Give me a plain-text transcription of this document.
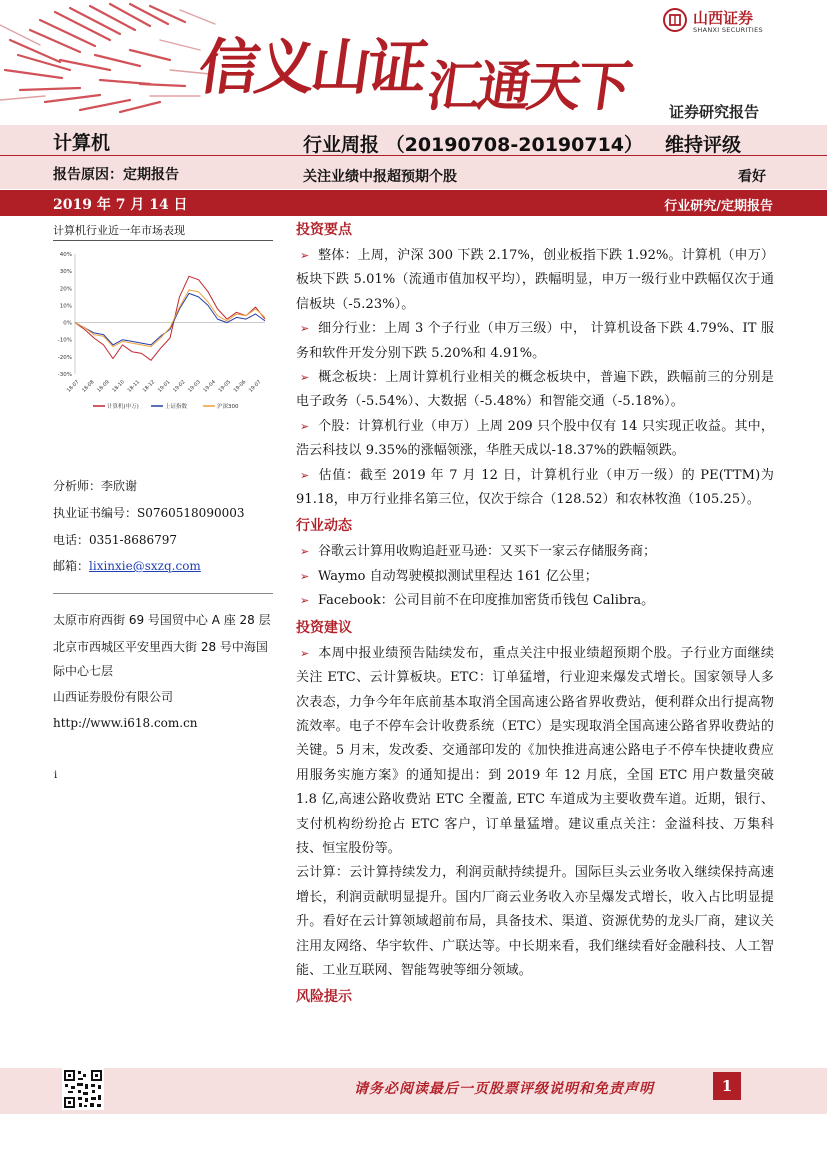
信义山证
汇通天下
山西证券
SHANXI SECURITIES
证券研究报告
计算机	行业周报 （20190708-20190714） 维持评级
报告原因：定期报告	关注业绩中报超预期个股	看好
2019 年 7 月 14 日	行业研究/定期报告
计算机行业近一年市场表现
40%
30%
20%
10%
0%
-10%
-20%
-30%
18-07 18-08 18-09 18-10 18-11 18-12 19-01 19-02 19-03 19-04 19-05 19-06 19-07
计算机(申万)	上证指数	沪深300
分析师：李欣谢
执业证书编号：S0760518090003
电话：0351-8686797
邮箱：lixinxie@sxzq.com
太原市府西街 69 号国贸中心 A 座 28 层
北京市西城区平安里西大街 28 号中海国
际中心七层
山西证券股份有限公司
http://www.i618.com.cn
i
投资要点

➢ 整体：上周，沪深 300 下跌 2.17%，创业板指下跌 1.92%。计算机（申万）板块下跌 5.01%（流通市值加权平均），跌幅明显，申万一级行业中跌幅仅次于通信板块（-5.23%）。

➢ 细分行业：上周 3 个子行业（申万三级）中， 计算机设备下跌 4.79%、IT 服务和软件开发分别下跌 5.20%和 4.91%。

➢ 概念板块：上周计算机行业相关的概念板块中，普遍下跌，跌幅前三的分别是电子政务（-5.54%）、大数据（-5.48%）和智能交通（-5.18%）。

➢ 个股：计算机行业（申万）上周 209 只个股中仅有 14 只实现正收益。其中，浩云科技以 9.35%的涨幅领涨，华胜天成以-18.37%的跌幅领跌。

➢ 估值：截至 2019 年 7 月 12 日，计算机行业（申万一级）的 PE(TTM)为 91.18，申万行业排名第三位，仅次于综合（128.52）和农林牧渔（105.25）。

行业动态

➢ 谷歌云计算用收购追赶亚马逊：又买下一家云存储服务商；

➢ Waymo 自动驾驶模拟测试里程达 161 亿公里；

➢ Facebook：公司目前不在印度推加密货币钱包 Calibra。

投资建议

➢ 本周中报业绩预告陆续发布，重点关注中报业绩超预期个股。子行业方面继续关注 ETC、云计算板块。ETC：订单猛增，行业迎来爆发式增长。国家领导人多次表态，力争今年年底前基本取消全国高速公路省界收费站，便利群众出行提高物流效率。电子不停车会计收费系统（ETC）是实现取消全国高速公路省界收费站的关键。5 月末，发改委、交通部印发的《加快推进高速公路电子不停车快捷收费应用服务实施方案》的通知提出：到 2019 年 12 月底，全国 ETC 用户数量突破 1.8 亿,高速公路收费站 ETC 全覆盖, ETC 车道成为主要收费车道。近期，银行、支付机构纷纷抢占 ETC 客户，订单量猛增。建议重点关注：金溢科技、万集科技、恒宝股份等。

云计算：云计算持续发力，利润贡献持续提升。国际巨头云业务收入继续保持高速增长，利润贡献明显提升。国内厂商云业务收入亦呈爆发式增长，收入占比明显提升。看好在云计算领域超前布局，具备技术、渠道、资源优势的龙头厂商，建议关注用友网络、华宇软件、广联达等。中长期来看，我们继续看好金融科技、人工智能、工业互联网、智能驾驶等细分领域。

风险提示
请务必阅读最后一页股票评级说明和免责声明	1
